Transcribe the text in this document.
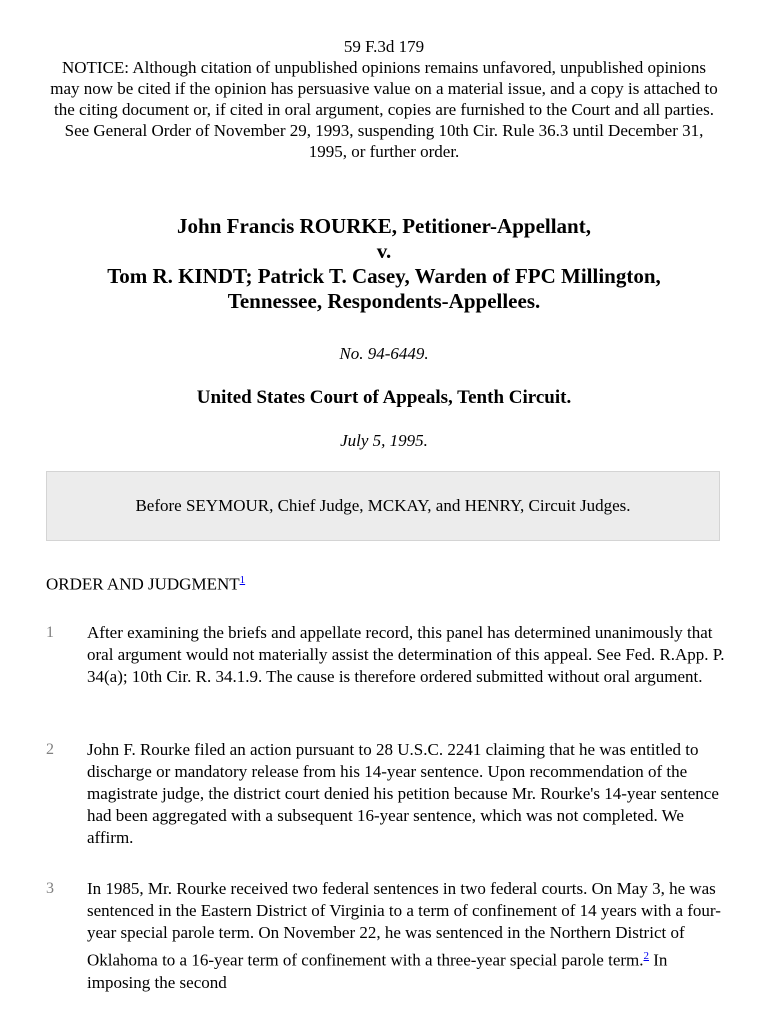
59 F.3d 179
NOTICE: Although citation of unpublished opinions remains unfavored, unpublished opinions may now be cited if the opinion has persuasive value on a material issue, and a copy is attached to the citing document or, if cited in oral argument, copies are furnished to the Court and all parties. See General Order of November 29, 1993, suspending 10th Cir. Rule 36.3 until December 31, 1995, or further order.
John Francis ROURKE, Petitioner-Appellant,
v.
Tom R. KINDT; Patrick T. Casey, Warden of FPC Millington,
Tennessee, Respondents-Appellees.
No. 94-6449.
United States Court of Appeals, Tenth Circuit.
July 5, 1995.
Before SEYMOUR, Chief Judge, MCKAY, and HENRY, Circuit Judges.
ORDER AND JUDGMENT$^1$
1 After examining the briefs and appellate record, this panel has determined unanimously that oral argument would not materially assist the determination of this appeal. See Fed. R.App. P. 34(a); 10th Cir. R. 34.1.9. The cause is therefore ordered submitted without oral argument.
2 John F. Rourke filed an action pursuant to 28 U.S.C. 2241 claiming that he was entitled to discharge or mandatory release from his 14-year sentence. Upon recommendation of the magistrate judge, the district court denied his petition because Mr. Rourke's 14-year sentence had been aggregated with a subsequent 16-year sentence, which was not completed. We affirm.
3 In 1985, Mr. Rourke received two federal sentences in two federal courts. On May 3, he was sentenced in the Eastern District of Virginia to a term of confinement of 14 years with a four-year special parole term. On November 22, he was sentenced in the Northern District of Oklahoma to a 16-year term of confinement with a three-year special parole term.$^2$ In imposing the second
